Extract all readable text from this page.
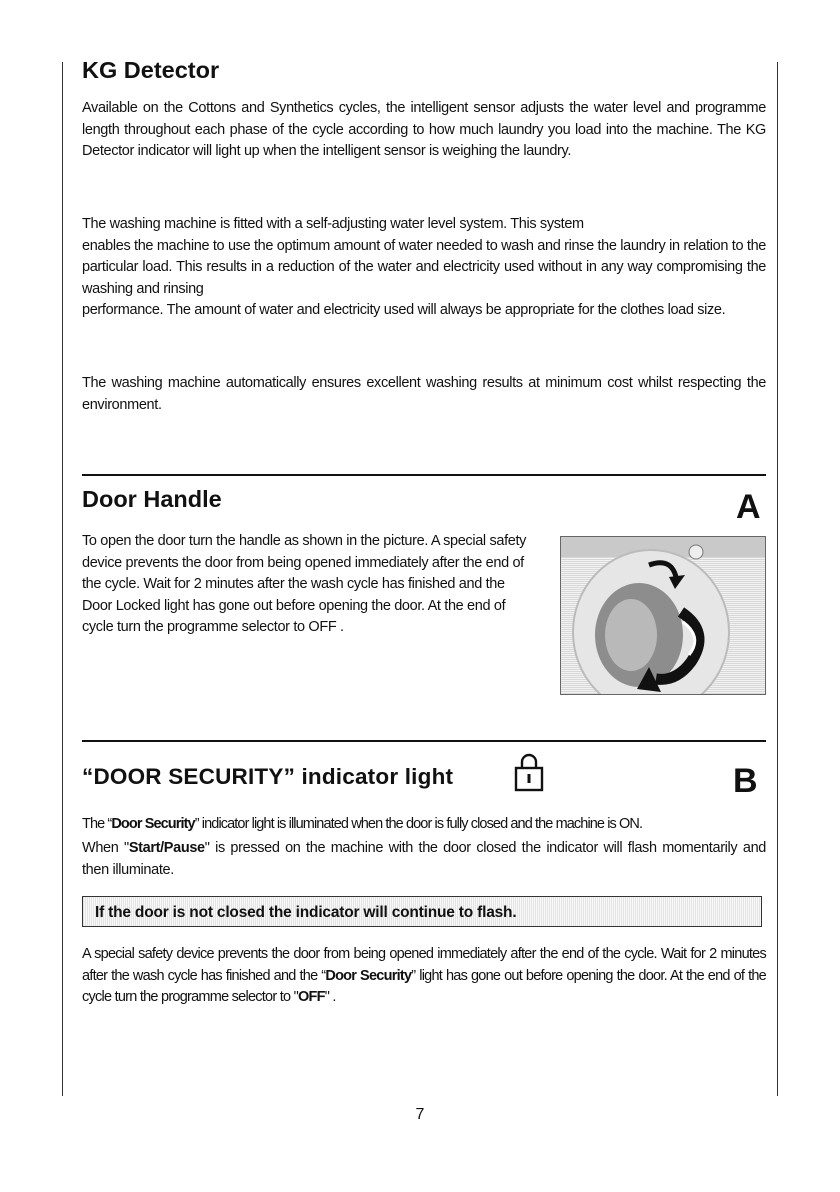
KG Detector

Available on the Cottons and Synthetics cycles, the intelligent sensor adjusts the water level and programme length throughout each phase of the cycle according to how much laundry you load into the machine. The KG Detector indicator will light up when the intelligent sensor is weighing the laundry.

The washing machine is fitted with a self-adjusting water level system. This system

enables the machine to use the optimum amount of water needed to wash and rinse the laundry in relation to the particular load. This results in a reduction of the water and electricity used without in any way compromising the washing and rinsing

performance. The amount of water and electricity used will always be appropriate for the clothes load size.

The washing machine automatically ensures excellent washing results at minimum cost whilst respecting the environment.

Door Handle	A

To open the door turn the handle as shown in the picture. A special safety device prevents the door from being opened immediately after the end of the cycle. Wait for 2 minutes after the wash cycle has finished and the Door Locked light has gone out before opening the door. At the end of cycle turn the programme selector to OFF .

“DOOR SECURITY” indicator light	B

The “Door Security” indicator light is illuminated when the door is fully closed and the machine is ON.

When "Start/Pause" is pressed on the machine with the door closed the indicator will flash momentarily and then illuminate.

If the door is not closed the indicator will continue to flash.

A special safety device prevents the door from being opened immediately after the end of the cycle. Wait for 2 minutes after the wash cycle has finished and the “Door Security” light has gone out before opening the door. At the end of the cycle turn the programme selector to "OFF" .

7
